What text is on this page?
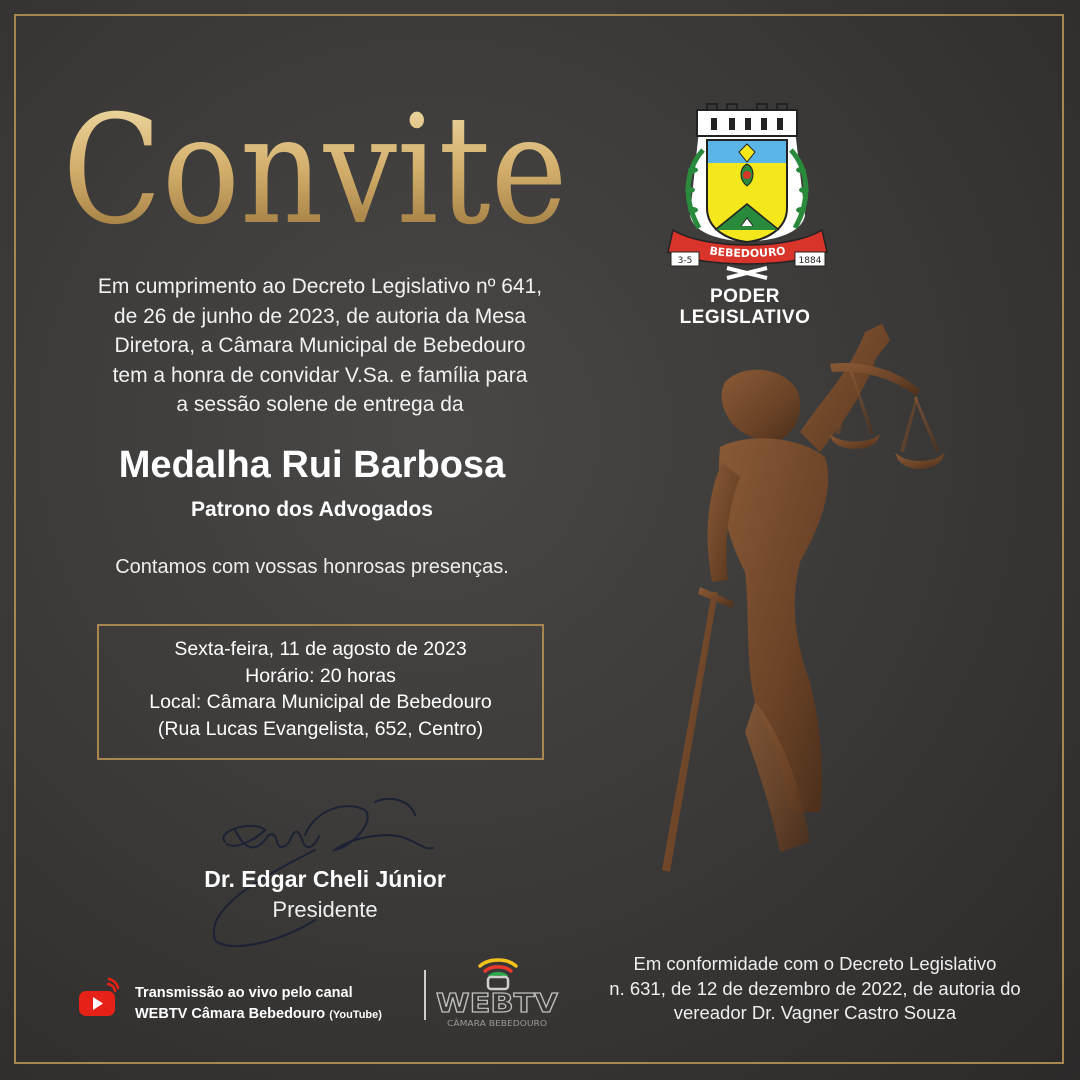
Convite

Em cumprimento ao Decreto Legislativo nº 641,
de 26 de junho de 2023, de autoria da Mesa
Diretora, a Câmara Municipal de Bebedouro
tem a honra de convidar V.Sa. e família para
a sessão solene de entrega da

Medalha Rui Barbosa
Patrono dos Advogados
Contamos com vossas honrosas presenças.
Sexta-feira, 11 de agosto de 2023
Horário: 20 horas
Local: Câmara Municipal de Bebedouro
(Rua Lucas Evangelista, 652, Centro)
Dr. Edgar Cheli Júnior
Presidente
Transmissão ao vivo pelo canal
WEBTV Câmara Bebedouro (YouTube) WEBTV
CÂMARA BEBEDOURO
BEBEDOURO
3-5	1884
PODER
LEGISLATIVO

Em conformidade com o Decreto Legislativo
n. 631, de 12 de dezembro de 2022, de autoria do
vereador Dr. Vagner Castro Souza
